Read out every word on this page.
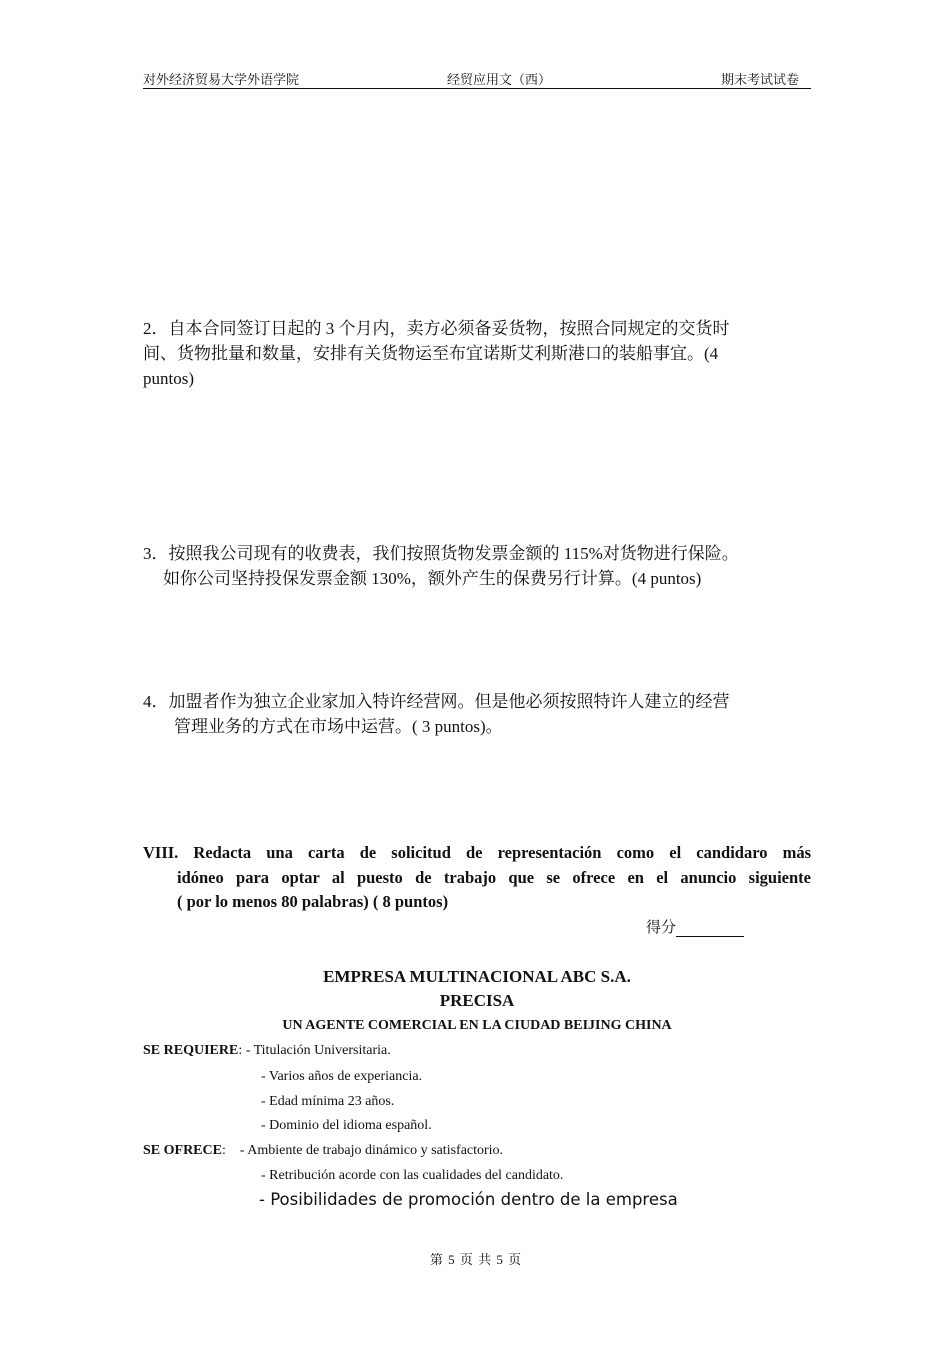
对外经济贸易大学外语学院	经贸应用文（西）	期末考试试卷

2．自本合同签订日起的 3 个月内，卖方必须备妥货物，按照合同规定的交货时

间、货物批量和数量，安排有关货物运至布宜诺斯艾利斯港口的装船事宜。(4

puntos)

3．按照我公司现有的收费表，我们按照货物发票金额的 115%对货物进行保险。

如你公司坚持投保发票金额 130%，额外产生的保费另行计算。(4 puntos)

4．加盟者作为独立企业家加入特许经营网。但是他必须按照特许人建立的经营

管理业务的方式在市场中运营。( 3 puntos)。

VIII. Redacta una carta de solicitud de representación como el candidaro más
idóneo para optar al puesto de trabajo que se ofrece en el anuncio siguiente
( por lo menos 80 palabras) ( 8 puntos)
得分
EMPRESA MULTINACIONAL ABC S.A.
PRECISA
UN AGENTE COMERCIAL EN LA CIUDAD BEIJING CHINA
SE REQUIERE: - Titulación Universitaria.
- Varios años de experiancia.
- Edad mínima 23 años.
- Dominio del idioma español.
SE OFRECE:    - Ambiente de trabajo dinámico y satisfactorio.
- Retribución acorde con las cualidades del candidato.
- Posibilidades de promoción dentro de la empresa
第 5 页 共 5 页
